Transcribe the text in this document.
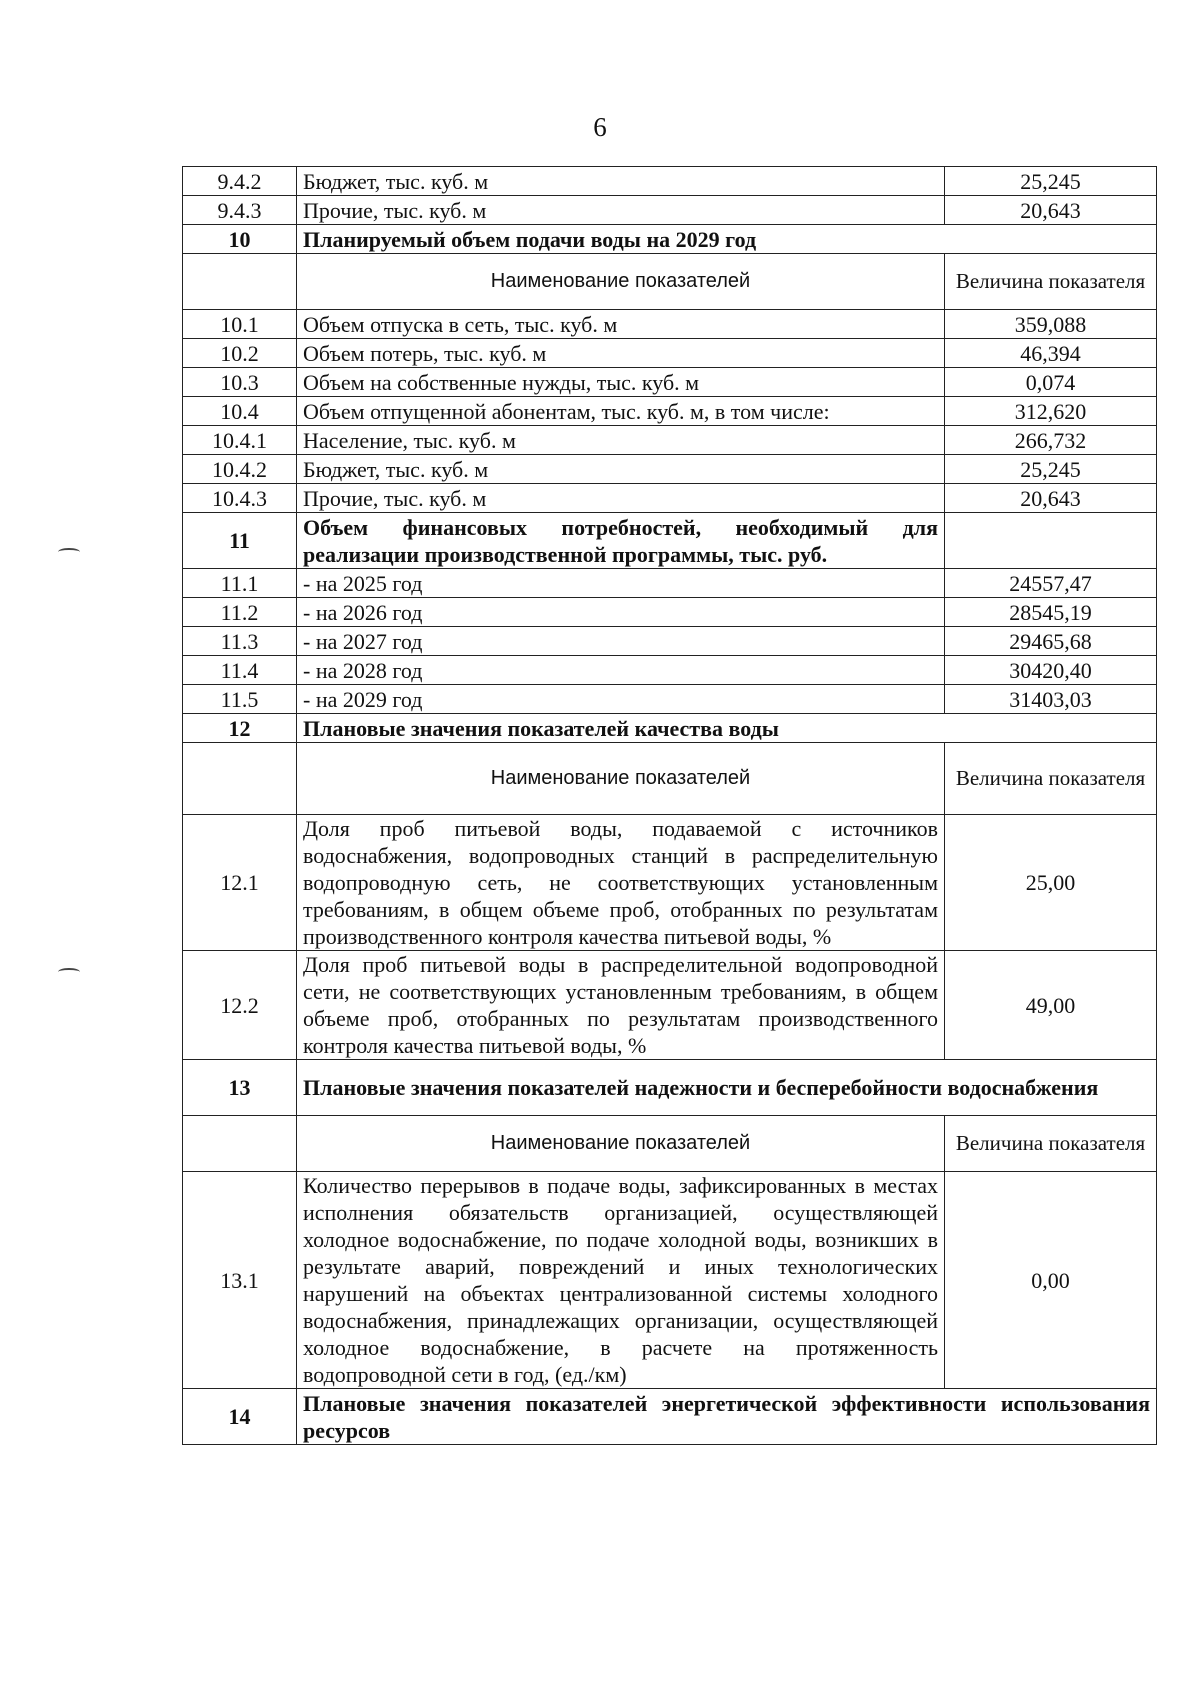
6
9.4.2	Бюджет, тыс. куб. м	25,245
9.4.3	Прочие, тыс. куб. м	20,643
10	Планируемый объем подачи воды на 2029 год	
	Наименование показателей	Величина показателя
10.1	Объем отпуска в сеть, тыс. куб. м	359,088
10.2	Объем потерь, тыс. куб. м	46,394
10.3	Объем на собственные нужды, тыс. куб. м	0,074
10.4	Объем отпущенной абонентам, тыс. куб. м, в том числе:	312,620
10.4.1	Население, тыс. куб. м	266,732
10.4.2	Бюджет, тыс. куб. м	25,245
10.4.3	Прочие, тыс. куб. м	20,643
11	Объем финансовых потребностей, необходимый для реализации производственной программы, тыс. руб.	
11.1	- на 2025 год	24557,47
11.2	- на 2026 год	28545,19
11.3	- на 2027 год	29465,68
11.4	- на 2028 год	30420,40
11.5	- на 2029 год	31403,03
12	Плановые значения показателей качества воды	
	Наименование показателей	Величина показателя
12.1	Доля проб питьевой воды, подаваемой с источников водоснабжения, водопроводных станций в распределительную водопроводную сеть, не соответствующих установленным требованиям, в общем объеме проб, отобранных по результатам производственного контроля качества питьевой воды, %	25,00
12.2	Доля проб питьевой воды в распределительной водопроводной сети, не соответствующих установленным требованиям, в общем объеме проб, отобранных по результатам производственного контроля качества питьевой воды, %	49,00
13	Плановые значения показателей надежности и бесперебойности водоснабжения	
	Наименование показателей	Величина показателя
13.1	Количество перерывов в подаче воды, зафиксированных в местах исполнения обязательств организацией, осуществляющей холодное водоснабжение, по подаче холодной воды, возникших в результате аварий, повреждений и иных технологических нарушений на объектах централизованной системы холодного водоснабжения, принадлежащих организации, осуществляющей холодное водоснабжение, в расчете на протяженность водопроводной сети в год, (ед./км)	0,00
14	Плановые значения показателей энергетической эффективности использования ресурсов	
